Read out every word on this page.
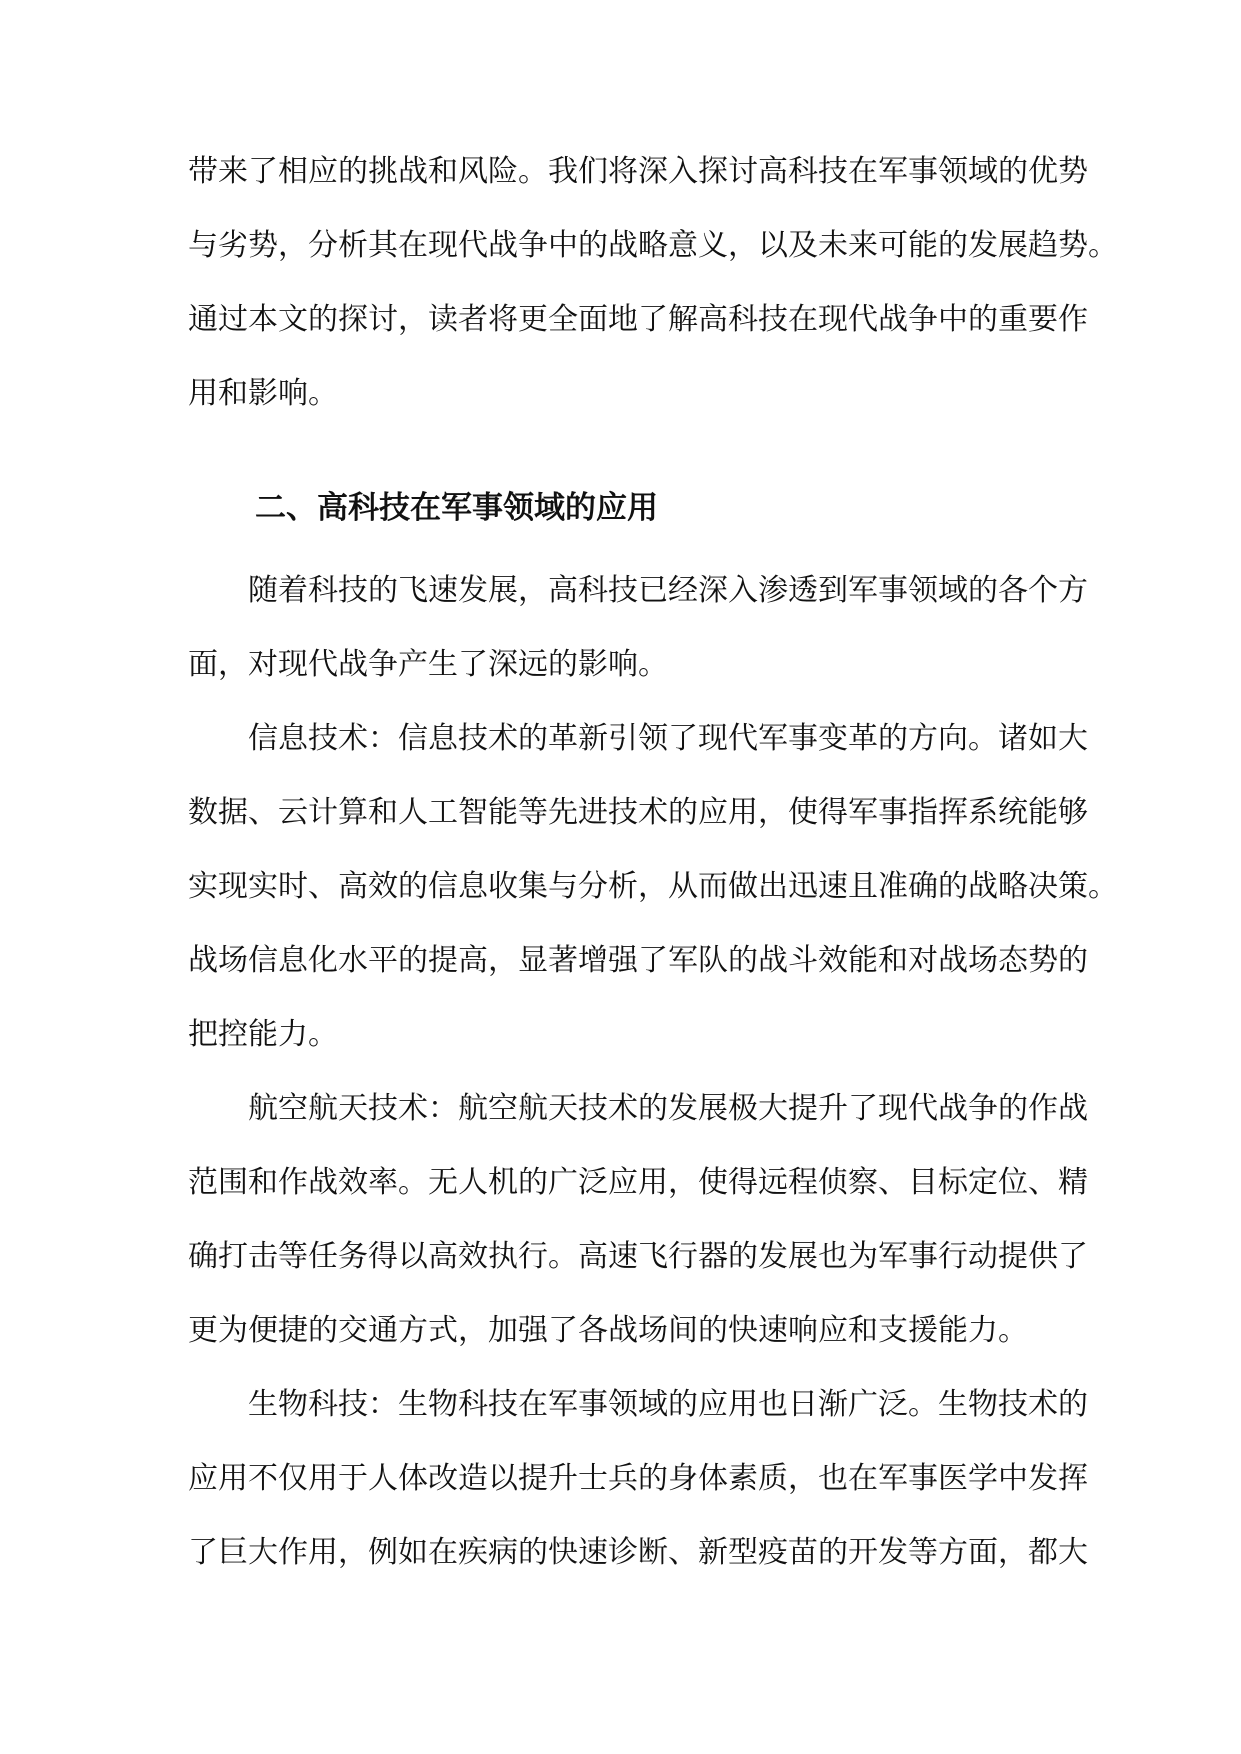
带来了相应的挑战和风险。我们将深入探讨高科技在军事领域的优势
与劣势，分析其在现代战争中的战略意义，以及未来可能的发展趋势。
通过本文的探讨，读者将更全面地了解高科技在现代战争中的重要作
用和影响。
二、高科技在军事领域的应用
随着科技的飞速发展，高科技已经深入渗透到军事领域的各个方
面，对现代战争产生了深远的影响。
信息技术：信息技术的革新引领了现代军事变革的方向。诸如大
数据、云计算和人工智能等先进技术的应用，使得军事指挥系统能够
实现实时、高效的信息收集与分析，从而做出迅速且准确的战略决策。
战场信息化水平的提高，显著增强了军队的战斗效能和对战场态势的
把控能力。
航空航天技术：航空航天技术的发展极大提升了现代战争的作战
范围和作战效率。无人机的广泛应用，使得远程侦察、目标定位、精
确打击等任务得以高效执行。高速飞行器的发展也为军事行动提供了
更为便捷的交通方式，加强了各战场间的快速响应和支援能力。
生物科技：生物科技在军事领域的应用也日渐广泛。生物技术的
应用不仅用于人体改造以提升士兵的身体素质，也在军事医学中发挥
了巨大作用，例如在疾病的快速诊断、新型疫苗的开发等方面，都大
